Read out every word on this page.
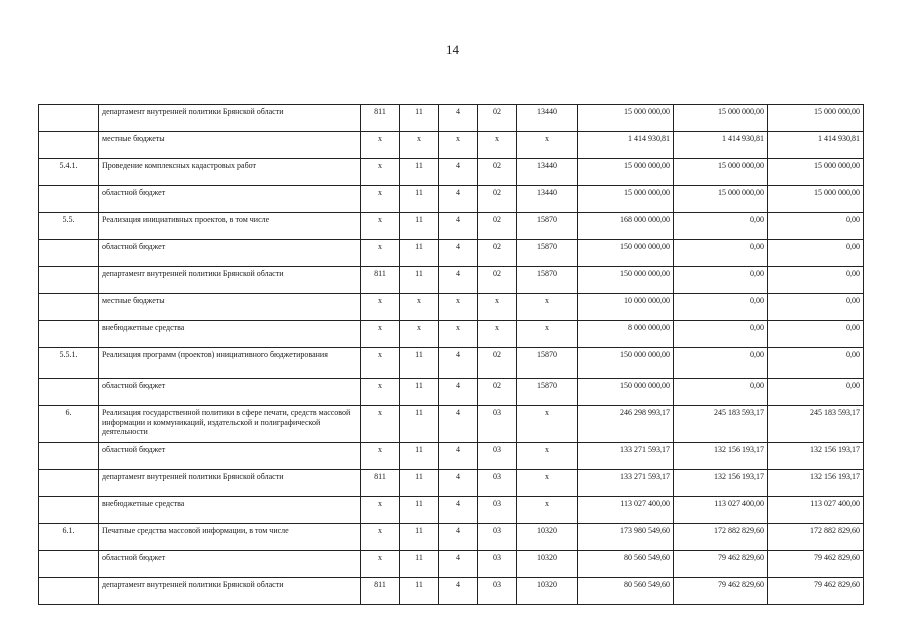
14
	департамент внутренней политики Брянской области	811	11	4	02	13440	15 000 000,00	15 000 000,00	15 000 000,00
	местные бюджеты	х	х	х	х	х	1 414 930,81	1 414 930,81	1 414 930,81
5.4.1.	Проведение комплексных кадастровых работ	х	11	4	02	13440	15 000 000,00	15 000 000,00	15 000 000,00
	областной бюджет	х	11	4	02	13440	15 000 000,00	15 000 000,00	15 000 000,00
5.5.	Реализация инициативных проектов, в том числе	х	11	4	02	15870	168 000 000,00	0,00	0,00
	областной бюджет	х	11	4	02	15870	150 000 000,00	0,00	0,00
	департамент внутренней политики Брянской области	811	11	4	02	15870	150 000 000,00	0,00	0,00
	местные бюджеты	х	х	х	х	х	10 000 000,00	0,00	0,00
	внебюджетные средства	х	х	х	х	х	8 000 000,00	0,00	0,00
5.5.1.	Реализация программ (проектов) инициативного бюджетирования	х	11	4	02	15870	150 000 000,00	0,00	0,00
	областной бюджет	х	11	4	02	15870	150 000 000,00	0,00	0,00
6.	Реализация государственной политики в сфере печати, средств массовой информации и коммуникаций, издательской и полиграфической деятельности	х	11	4	03	х	246 298 993,17	245 183 593,17	245 183 593,17
	областной бюджет	х	11	4	03	х	133 271 593,17	132 156 193,17	132 156 193,17
	департамент внутренней политики Брянской области	811	11	4	03	х	133 271 593,17	132 156 193,17	132 156 193,17
	внебюджетные средства	х	11	4	03	х	113 027 400,00	113 027 400,00	113 027 400,00
6.1.	Печатные средства массовой информации, в том числе	х	11	4	03	10320	173 980 549,60	172 882 829,60	172 882 829,60
	областной бюджет	х	11	4	03	10320	80 560 549,60	79 462 829,60	79 462 829,60
	департамент внутренней политики Брянской области	811	11	4	03	10320	80 560 549,60	79 462 829,60	79 462 829,60
